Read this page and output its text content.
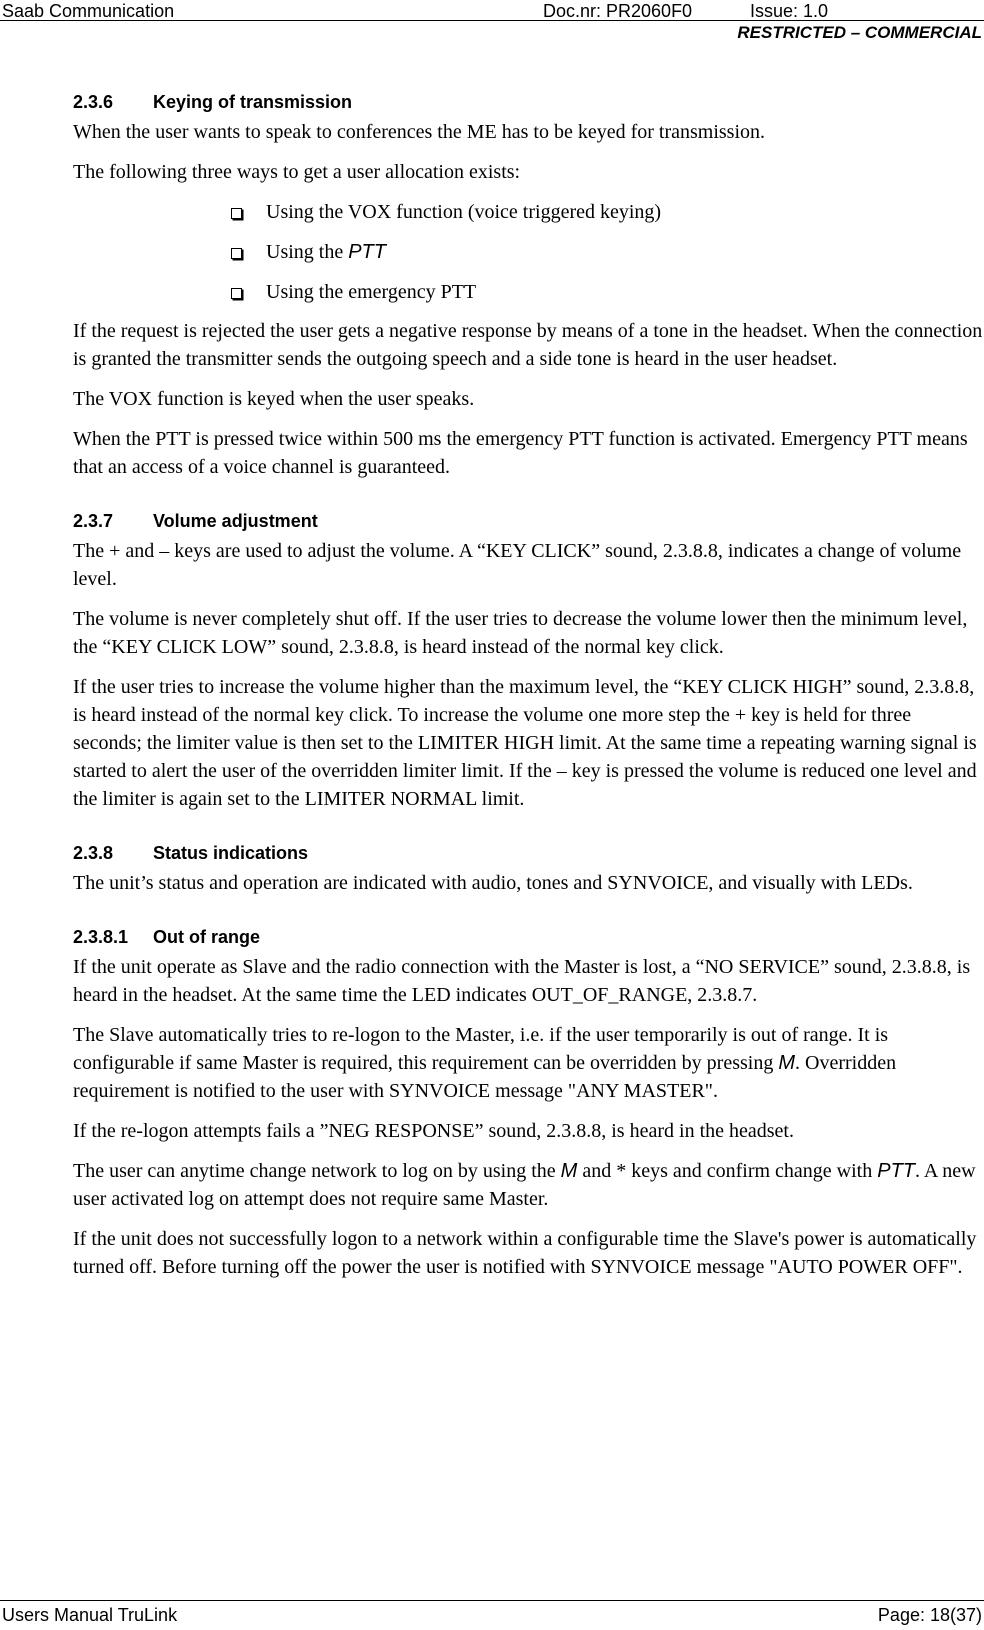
Saab Communication	Doc.nr: PR2060F0	Issue: 1.0
RESTRICTED – COMMERCIAL
2.3.6	Keying of transmission

When the user wants to speak to conferences the ME has to be keyed for transmission.

The following three ways to get a user allocation exists:

Using the VOX function (voice triggered keying)
Using the PTT
Using the emergency PTT

If the request is rejected the user gets a negative response by means of a tone in the headset. When the connection is granted the transmitter sends the outgoing speech and a side tone is heard in the user headset.

The VOX function is keyed when the user speaks.

When the PTT is pressed twice within 500 ms the emergency PTT function is activated. Emergency PTT means that an access of a voice channel is guaranteed.

2.3.7	Volume adjustment

The + and – keys are used to adjust the volume. A “KEY CLICK” sound, 2.3.8.8, indicates a change of volume level.

The volume is never completely shut off. If the user tries to decrease the volume lower then the minimum level, the “KEY CLICK LOW” sound, 2.3.8.8, is heard instead of the normal key click.

If the user tries to increase the volume higher than the maximum level, the “KEY CLICK HIGH” sound, 2.3.8.8, is heard instead of the normal key click. To increase the volume one more step the + key is held for three seconds; the limiter value is then set to the LIMITER HIGH limit. At the same time a repeating warning signal is started to alert the user of the overridden limiter limit. If the – key is pressed the volume is reduced one level and the limiter is again set to the LIMITER NORMAL limit.

2.3.8	Status indications

The unit’s status and operation are indicated with audio, tones and SYNVOICE, and visually with LEDs.

2.3.8.1	Out of range

If the unit operate as Slave and the radio connection with the Master is lost, a “NO SERVICE” sound, 2.3.8.8, is heard in the headset. At the same time the LED indicates OUT_OF_RANGE, 2.3.8.7.

The Slave automatically tries to re-logon to the Master, i.e. if the user temporarily is out of range. It is configurable if same Master is required, this requirement can be overridden by pressing M. Overridden requirement is notified to the user with SYNVOICE message "ANY MASTER".

If the re-logon attempts fails a ”NEG RESPONSE” sound, 2.3.8.8, is heard in the headset.

The user can anytime change network to log on by using the M and * keys and confirm change with PTT. A new user activated log on attempt does not require same Master.

If the unit does not successfully logon to a network within a configurable time the Slave's power is automatically turned off. Before turning off the power the user is notified with SYNVOICE message "AUTO POWER OFF".

Users Manual TruLink	Page: 18(37)
